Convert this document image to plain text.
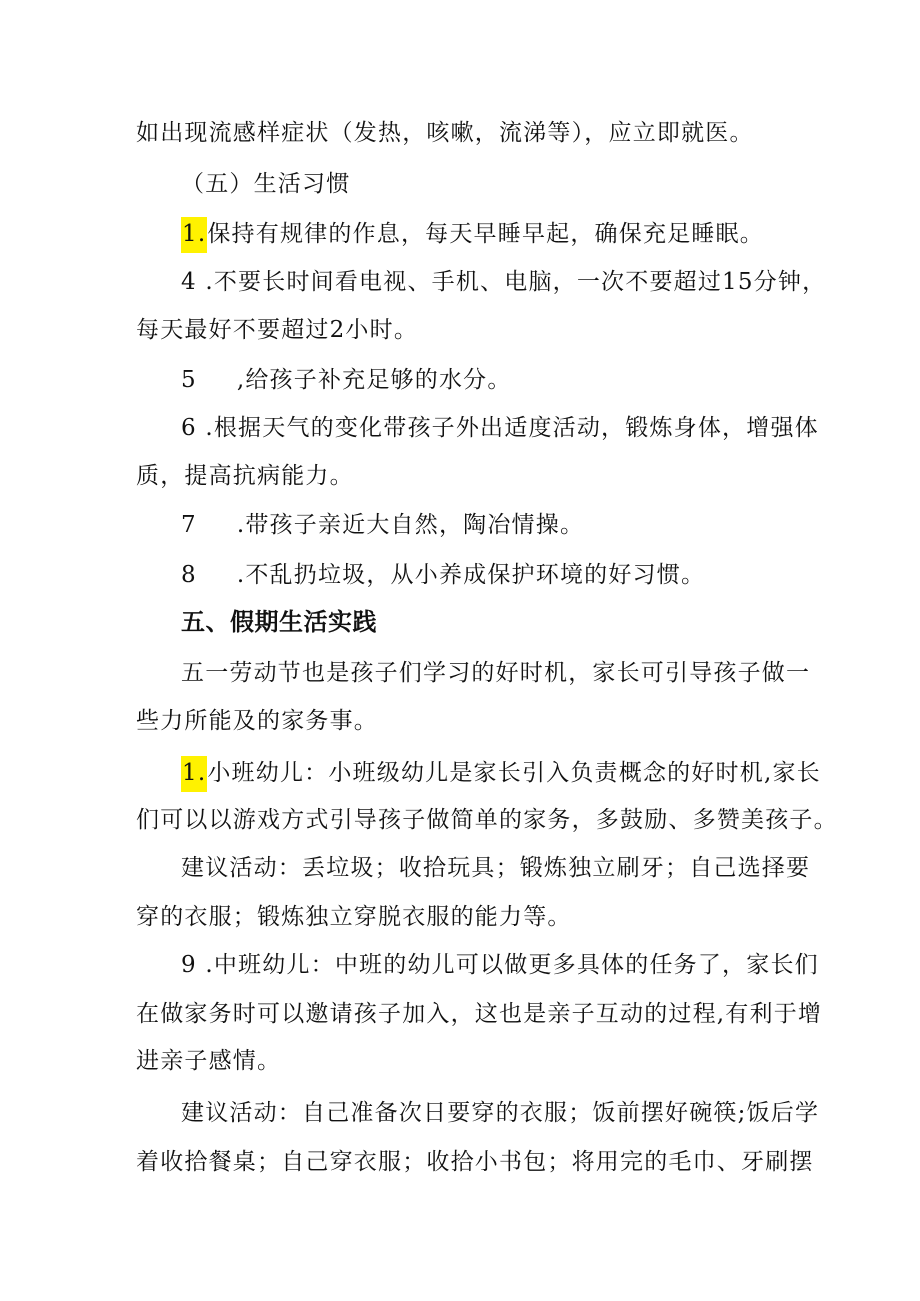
如出现流感样症状（发热，咳嗽，流涕等），应立即就医。
（五）生活习惯
1.保持有规律的作息，每天早睡早起，确保充足睡眠。
4 .不要长时间看电视、手机、电脑，一次不要超过15分钟，
每天最好不要超过2小时。
5 ,给孩子补充足够的水分。
6 .根据天气的变化带孩子外出适度活动，锻炼身体，增强体
质，提高抗病能力。
7 .带孩子亲近大自然，陶冶情操。
8 .不乱扔垃圾，从小养成保护环境的好习惯。
五、假期生活实践
五一劳动节也是孩子们学习的好时机，家长可引导孩子做一
些力所能及的家务事。
1.小班幼儿：小班级幼儿是家长引入负责概念的好时机,家长
们可以以游戏方式引导孩子做简单的家务，多鼓励、多赞美孩子。
建议活动：丢垃圾；收拾玩具；锻炼独立刷牙；自己选择要
穿的衣服；锻炼独立穿脱衣服的能力等。
9 .中班幼儿：中班的幼儿可以做更多具体的任务了，家长们
在做家务时可以邀请孩子加入，这也是亲子互动的过程,有利于增
进亲子感情。
建议活动：自己准备次日要穿的衣服；饭前摆好碗筷;饭后学
着收拾餐桌；自己穿衣服；收拾小书包；将用完的毛巾、牙刷摆
